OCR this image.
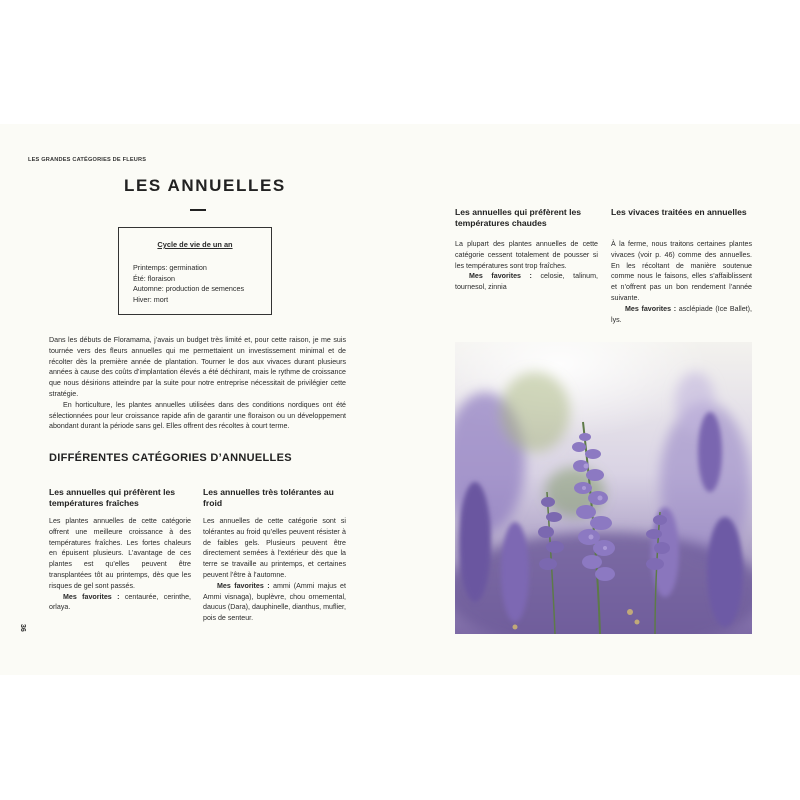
LES GRANDES CATÉGORIES DE FLEURS
LES ANNUELLES
Cycle de vie de un an
Printemps: germination
Été: floraison
Automne: production de semences
Hiver: mort

Dans les débuts de Floramama, j’avais un budget très limité et, pour cette raison, je me suis tournée vers des fleurs annuelles qui me permettaient un investissement minimal et de récolter dès la première année de plantation. Tourner le dos aux vivaces durant plusieurs années à cause des coûts d’implantation élevés a été déchirant, mais le rythme de croissance que nous désirions atteindre par la suite pour notre entreprise nécessitait de privilégier cette stratégie.

En horticulture, les plantes annuelles utilisées dans des conditions nordiques ont été sélectionnées pour leur croissance rapide afin de garantir une floraison ou un développement abondant durant la période sans gel. Elles offrent des récoltes à court terme.

DIFFÉRENTES CATÉGORIES D’ANNUELLES
Les annuelles qui préfèrent les températures fraîches

Les plantes annuelles de cette catégorie offrent une meilleure croissance à des températures fraîches. Les fortes chaleurs en épuisent plusieurs. L’avantage de ces plantes est qu’elles peuvent être transplantées tôt au printemps, dès que les risques de gel sont passés.

Mes favorites : centaurée, cerinthe, orlaya.

Les annuelles très tolérantes au froid

Les annuelles de cette catégorie sont si tolérantes au froid qu’elles peuvent résister à de faibles gels. Plusieurs peuvent être directement semées à l’extérieur dès que la terre se travaille au printemps, et certaines peuvent l’être à l’automne.

Mes favorites : ammi (Ammi majus et Ammi visnaga), buplèvre, chou ornemental, daucus (Dara), dauphinelle, dianthus, muflier, pois de senteur.

Les annuelles qui préfèrent les températures chaudes

La plupart des plantes annuelles de cette catégorie cessent totalement de pousser si les températures sont trop fraîches.

Mes favorites : celosie, talinum, tournesol, zinnia

Les vivaces traitées en annuelles

À la ferme, nous traitons certaines plantes vivaces (voir p. 46) comme des annuelles. En les récoltant de manière soutenue comme nous le faisons, elles s’affaiblissent et n’offrent pas un bon rendement l’année suivante.

Mes favorites : asclépiade (Ice Ballet), lys.

36
